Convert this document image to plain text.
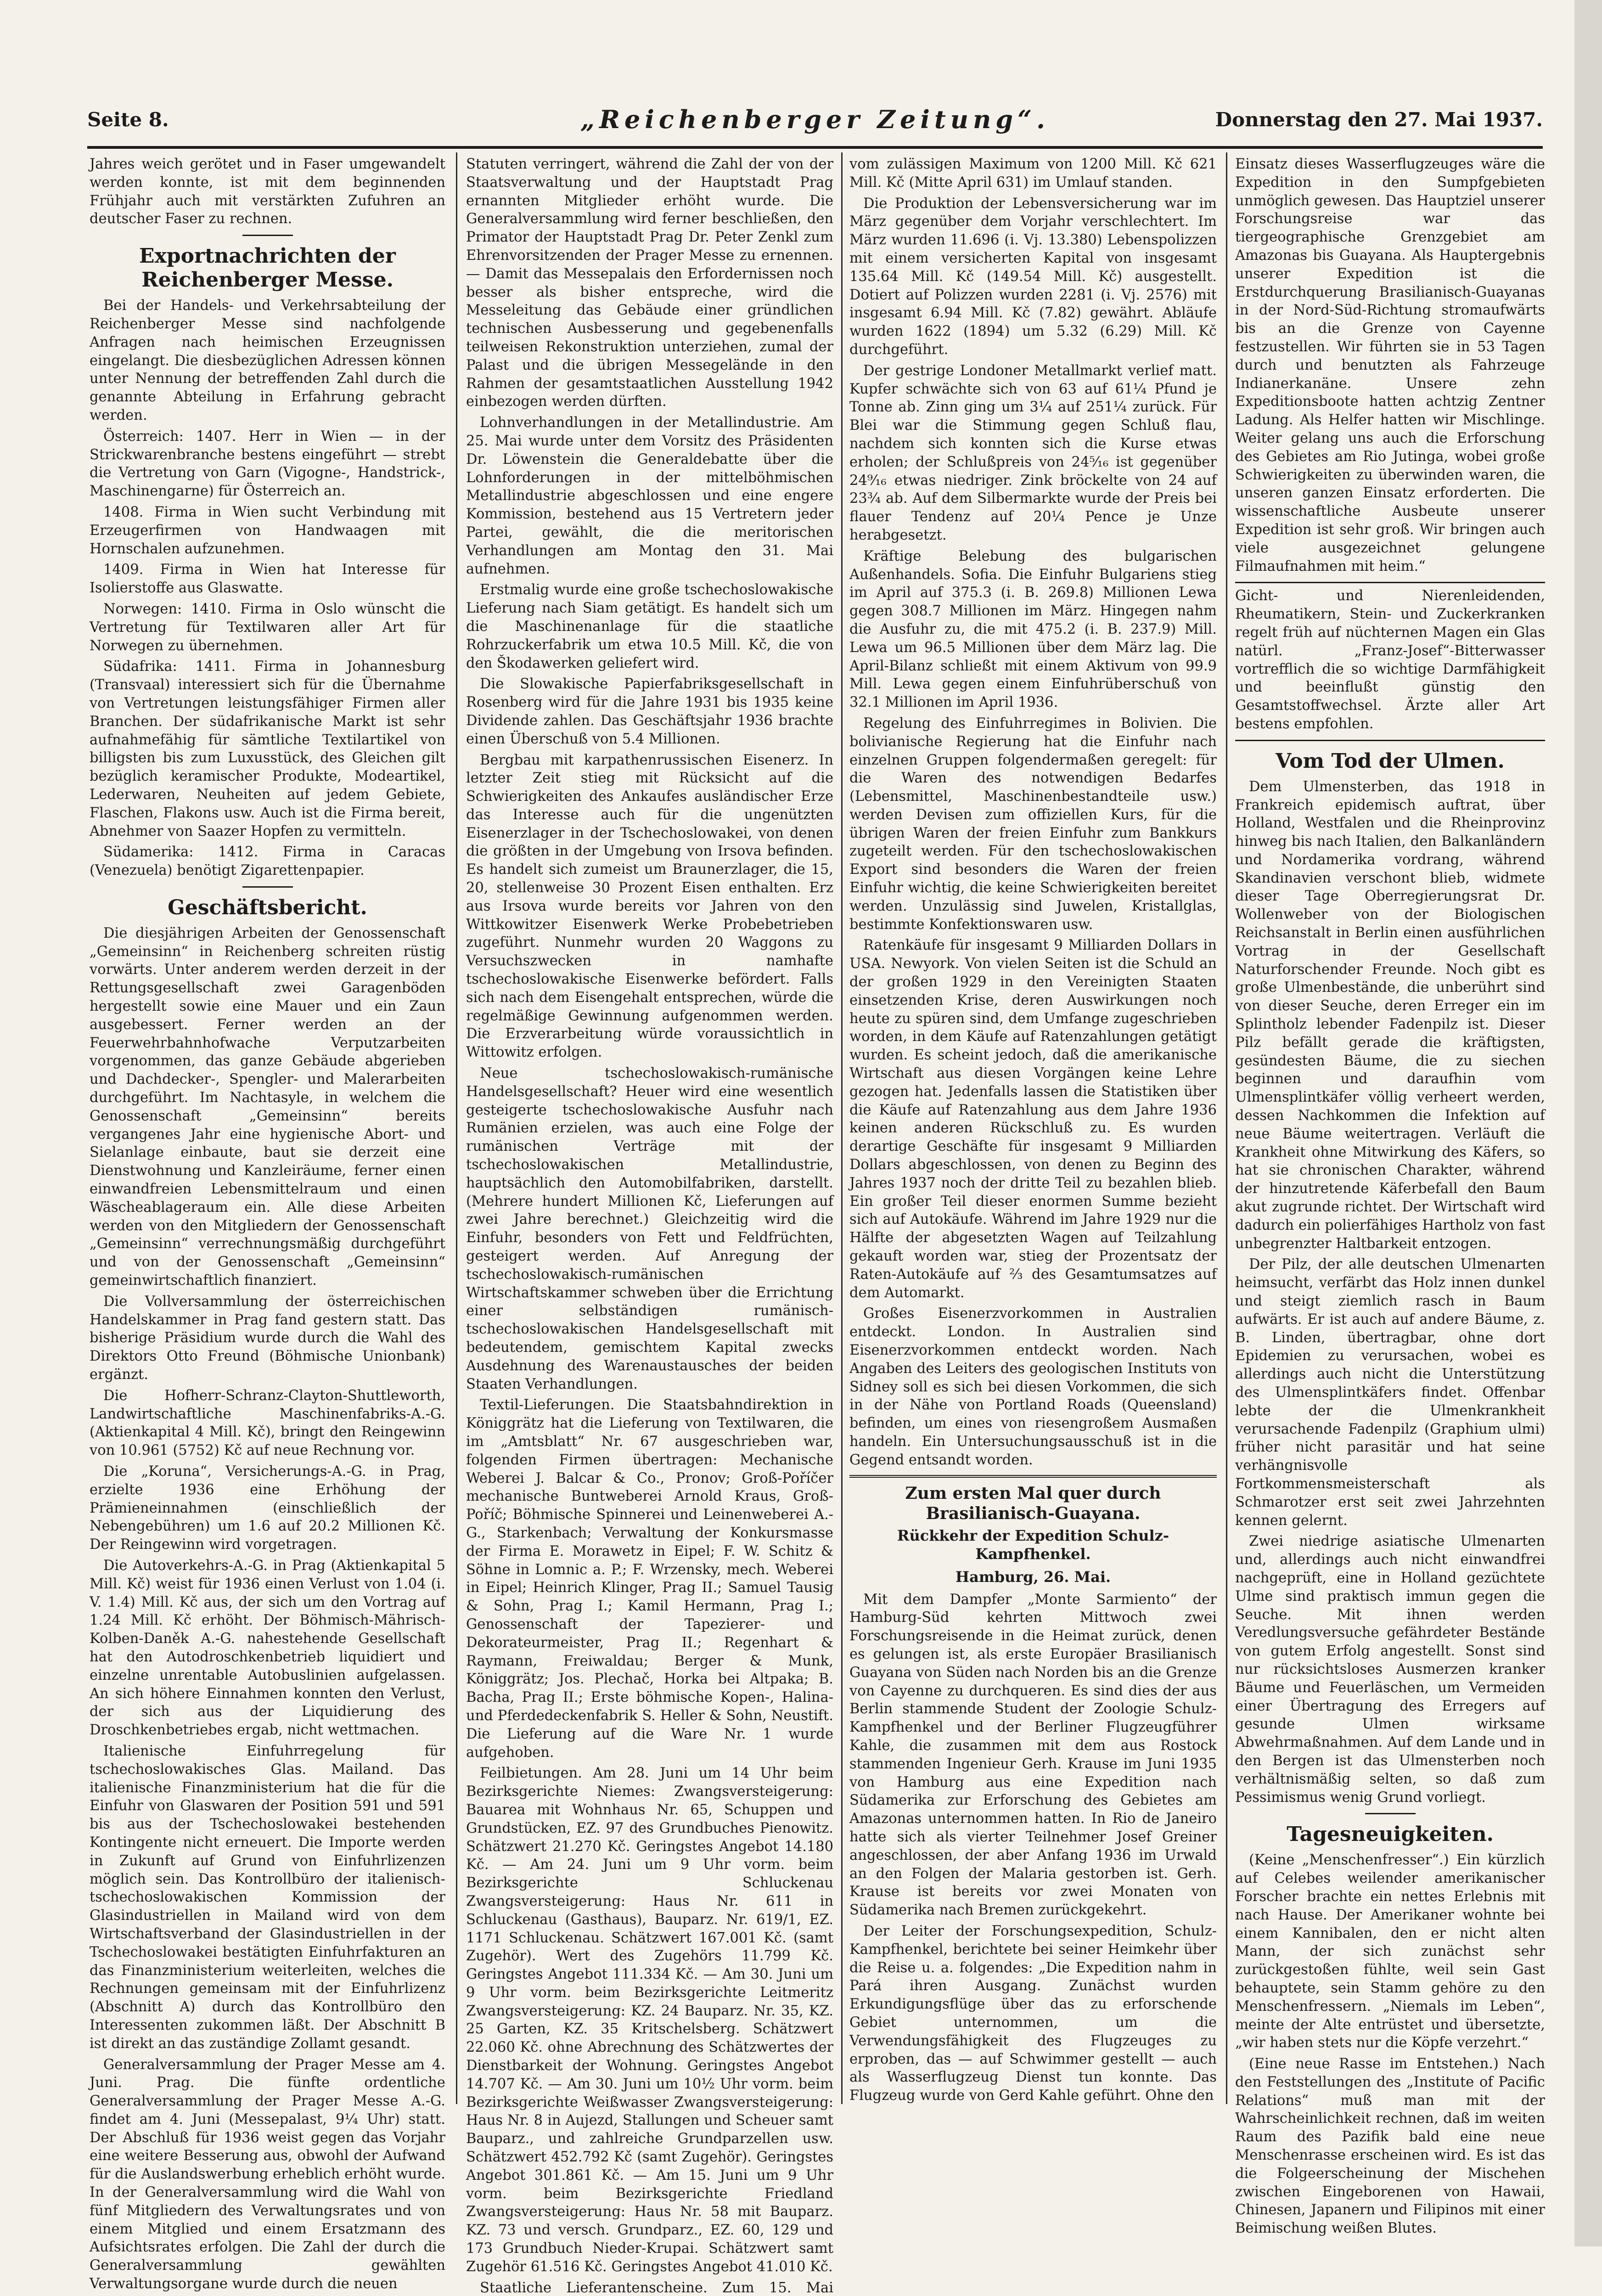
Seite 8.	„Reichenberger Zeitung“.	Donnerstag den 27. Mai 1937.

Jahres weich gerötet und in Faser umgewandelt werden konnte, ist mit dem beginnenden Frühjahr auch mit verstärkten Zufuhren an deutscher Faser zu rechnen.

Exportnachrichten der Reichenberger Messe.

Bei der Handels- und Verkehrsabteilung der Reichenberger Messe sind nachfolgende Anfragen nach heimischen Erzeugnissen eingelangt. Die diesbezüglichen Adressen können unter Nennung der betreffenden Zahl durch die genannte Abteilung in Erfahrung gebracht werden.

Österreich: 1407. Herr in Wien — in der Strickwarenbranche bestens eingeführt — strebt die Vertretung von Garn (Vigogne-, Handstrick-, Maschinengarne) für Österreich an.

1408. Firma in Wien sucht Verbindung mit Erzeugerfirmen von Handwaagen mit Hornschalen aufzunehmen.

1409. Firma in Wien hat Interesse für Isolierstoffe aus Glaswatte.

Norwegen: 1410. Firma in Oslo wünscht die Vertretung für Textilwaren aller Art für Norwegen zu übernehmen.

Südafrika: 1411. Firma in Johannesburg (Transvaal) interessiert sich für die Übernahme von Vertretungen leistungsfähiger Firmen aller Branchen. Der südafrikanische Markt ist sehr aufnahmefähig für sämtliche Textilartikel von billigsten bis zum Luxusstück, des Gleichen gilt bezüglich keramischer Produkte, Modeartikel, Lederwaren, Neuheiten auf jedem Gebiete, Flaschen, Flakons usw. Auch ist die Firma bereit, Abnehmer von Saazer Hopfen zu vermitteln.

Südamerika: 1412. Firma in Caracas (Venezuela) benötigt Zigarettenpapier.

Geschäftsbericht.

Die diesjährigen Arbeiten der Genossenschaft „Gemeinsinn“ in Reichenberg schreiten rüstig vorwärts. Unter anderem werden derzeit in der Rettungsgesellschaft zwei Garagenböden hergestellt sowie eine Mauer und ein Zaun ausgebessert. Ferner werden an der Feuerwehrbahnhofwache Verputzarbeiten vorgenommen, das ganze Gebäude abgerieben und Dachdecker-, Spengler- und Malerarbeiten durchgeführt. Im Nachtasyle, in welchem die Genossenschaft „Gemeinsinn“ bereits vergangenes Jahr eine hygienische Abort- und Sielanlage einbaute, baut sie derzeit eine Dienstwohnung und Kanzleiräume, ferner einen einwandfreien Lebensmittelraum und einen Wäscheablageraum ein. Alle diese Arbeiten werden von den Mitgliedern der Genossenschaft „Gemeinsinn“ verrechnungsmäßig durchgeführt und von der Genossenschaft „Gemeinsinn“ gemeinwirtschaftlich finanziert.

Die Vollversammlung der österreichischen Handelskammer in Prag fand gestern statt. Das bisherige Präsidium wurde durch die Wahl des Direktors Otto Freund (Böhmische Unionbank) ergänzt.

Die Hofherr-Schranz-Clayton-Shuttleworth, Landwirtschaftliche Maschinenfabriks-A.-G. (Aktienkapital 4 Mill. Kč), bringt den Reingewinn von 10.961 (5752) Kč auf neue Rechnung vor.

Die „Koruna“, Versicherungs-A.-G. in Prag, erzielte 1936 eine Erhöhung der Prämieneinnahmen (einschließlich der Nebengebühren) um 1.6 auf 20.2 Millionen Kč. Der Reingewinn wird vorgetragen.

Die Autoverkehrs-A.-G. in Prag (Aktienkapital 5 Mill. Kč) weist für 1936 einen Verlust von 1.04 (i. V. 1.4) Mill. Kč aus, der sich um den Vortrag auf 1.24 Mill. Kč erhöht. Der Böhmisch-Mährisch-Kolben-Daněk A.-G. nahestehende Gesellschaft hat den Autodroschkenbetrieb liquidiert und einzelne unrentable Autobuslinien aufgelassen. An sich höhere Einnahmen konnten den Verlust, der sich aus der Liquidierung des Droschkenbetriebes ergab, nicht wettmachen.

Italienische Einfuhrregelung für tschechoslowakisches Glas. Mailand. Das italienische Finanzministerium hat die für die Einfuhr von Glaswaren der Position 591 und 591 bis aus der Tschechoslowakei bestehenden Kontingente nicht erneuert. Die Importe werden in Zukunft auf Grund von Einfuhrlizenzen möglich sein. Das Kontrollbüro der italienisch-tschechoslowakischen Kommission der Glasindustriellen in Mailand wird von dem Wirtschaftsverband der Glasindustriellen in der Tschechoslowakei bestätigten Einfuhrfakturen an das Finanzministerium weiterleiten, welches die Rechnungen gemeinsam mit der Einfuhrlizenz (Abschnitt A) durch das Kontrollbüro den Interessenten zukommen läßt. Der Abschnitt B ist direkt an das zuständige Zollamt gesandt.

Generalversammlung der Prager Messe am 4. Juni. Prag. Die fünfte ordentliche Generalversammlung der Prager Messe A.-G. findet am 4. Juni (Messepalast, 9¼ Uhr) statt. Der Abschluß für 1936 weist gegen das Vorjahr eine weitere Besserung aus, obwohl der Aufwand für die Auslandswerbung erheblich erhöht wurde. In der Generalversammlung wird die Wahl von fünf Mitgliedern des Verwaltungsrates und von einem Mitglied und einem Ersatzmann des Aufsichtsrates erfolgen. Die Zahl der durch die Generalversammlung gewählten Verwaltungsorgane wurde durch die neuen

Statuten verringert, während die Zahl der von der Staatsverwaltung und der Hauptstadt Prag ernannten Mitglieder erhöht wurde. Die Generalversammlung wird ferner beschließen, den Primator der Hauptstadt Prag Dr. Peter Zenkl zum Ehrenvorsitzenden der Prager Messe zu ernennen. — Damit das Messepalais den Erfordernissen noch besser als bisher entspreche, wird die Messeleitung das Gebäude einer gründlichen technischen Ausbesserung und gegebenenfalls teilweisen Rekonstruktion unterziehen, zumal der Palast und die übrigen Messegelände in den Rahmen der gesamtstaatlichen Ausstellung 1942 einbezogen werden dürften.

Lohnverhandlungen in der Metallindustrie. Am 25. Mai wurde unter dem Vorsitz des Präsidenten Dr. Löwenstein die Generaldebatte über die Lohnforderungen in der mittelböhmischen Metallindustrie abgeschlossen und eine engere Kommission, bestehend aus 15 Vertretern jeder Partei, gewählt, die die meritorischen Verhandlungen am Montag den 31. Mai aufnehmen.

Erstmalig wurde eine große tschechoslowakische Lieferung nach Siam getätigt. Es handelt sich um die Maschinenanlage für die staatliche Rohrzuckerfabrik um etwa 10.5 Mill. Kč, die von den Škodawerken geliefert wird.

Die Slowakische Papierfabriksgesellschaft in Rosenberg wird für die Jahre 1931 bis 1935 keine Dividende zahlen. Das Geschäftsjahr 1936 brachte einen Überschuß von 5.4 Millionen.

Bergbau mit karpathenrussischen Eisenerz. In letzter Zeit stieg mit Rücksicht auf die Schwierigkeiten des Ankaufes ausländischer Erze das Interesse auch für die ungenützten Eisenerzlager in der Tschechoslowakei, von denen die größten in der Umgebung von Irsova befinden. Es handelt sich zumeist um Braunerzlager, die 15, 20, stellenweise 30 Prozent Eisen enthalten. Erz aus Irsova wurde bereits vor Jahren von den Wittkowitzer Eisenwerk Werke Probebetrieben zugeführt. Nunmehr wurden 20 Waggons zu Versuchszwecken in namhafte tschechoslowakische Eisenwerke befördert. Falls sich nach dem Eisengehalt entsprechen, würde die regelmäßige Gewinnung aufgenommen werden. Die Erzverarbeitung würde voraussichtlich in Wittowitz erfolgen.

Neue tschechoslowakisch-rumänische Handelsgesellschaft? Heuer wird eine wesentlich gesteigerte tschechoslowakische Ausfuhr nach Rumänien erzielen, was auch eine Folge der rumänischen Verträge mit der tschechoslowakischen Metallindustrie, hauptsächlich den Automobilfabriken, darstellt. (Mehrere hundert Millionen Kč, Lieferungen auf zwei Jahre berechnet.) Gleichzeitig wird die Einfuhr, besonders von Fett und Feldfrüchten, gesteigert werden. Auf Anregung der tschechoslowakisch-rumänischen Wirtschaftskammer schweben über die Errichtung einer selbständigen rumänisch-tschechoslowakischen Handelsgesellschaft mit bedeutendem, gemischtem Kapital zwecks Ausdehnung des Warenaustausches der beiden Staaten Verhandlungen.

Textil-Lieferungen. Die Staatsbahndirektion in Königgrätz hat die Lieferung von Textilwaren, die im „Amtsblatt“ Nr. 67 ausgeschrieben war, folgenden Firmen übertragen: Mechanische Weberei J. Balcar & Co., Pronov; Groß-Poříčer mechanische Buntweberei Arnold Kraus, Groß-Poříč; Böhmische Spinnerei und Leinenweberei A.-G., Starkenbach; Verwaltung der Konkursmasse der Firma E. Morawetz in Eipel; F. W. Schitz & Söhne in Lomnic a. P.; F. Wrzensky, mech. Weberei in Eipel; Heinrich Klinger, Prag II.; Samuel Tausig & Sohn, Prag I.; Kamil Hermann, Prag I.; Genossenschaft der Tapezierer- und Dekorateurmeister, Prag II.; Regenhart & Raymann, Freiwaldau; Berger & Munk, Königgrätz; Jos. Plechač, Horka bei Altpaka; B. Bacha, Prag II.; Erste böhmische Kopen-, Halina- und Pferdedeckenfabrik S. Heller & Sohn, Neustift. Die Lieferung auf die Ware Nr. 1 wurde aufgehoben.

Feilbietungen. Am 28. Juni um 14 Uhr beim Bezirksgerichte Niemes: Zwangsversteigerung: Bauarea mit Wohnhaus Nr. 65, Schuppen und Grundstücken, EZ. 97 des Grundbuches Pienowitz. Schätzwert 21.270 Kč. Geringstes Angebot 14.180 Kč. — Am 24. Juni um 9 Uhr vorm. beim Bezirksgerichte Schluckenau Zwangsversteigerung: Haus Nr. 611 in Schluckenau (Gasthaus), Bauparz. Nr. 619/1, EZ. 1171 Schluckenau. Schätzwert 167.001 Kč. (samt Zugehör). Wert des Zugehörs 11.799 Kč. Geringstes Angebot 111.334 Kč. — Am 30. Juni um 9 Uhr vorm. beim Bezirksgerichte Leitmeritz Zwangsversteigerung: KZ. 24 Bauparz. Nr. 35, KZ. 25 Garten, KZ. 35 Kritschelsberg. Schätzwert 22.060 Kč. ohne Abrechnung des Schätzwertes der Dienstbarkeit der Wohnung. Geringstes Angebot 14.707 Kč. — Am 30. Juni um 10½ Uhr vorm. beim Bezirksgerichte Weißwasser Zwangsversteigerung: Haus Nr. 8 in Aujezd, Stallungen und Scheuer samt Bauparz., und zahlreiche Grundparzellen usw. Schätzwert 452.792 Kč (samt Zugehör). Geringstes Angebot 301.861 Kč. — Am 15. Juni um 9 Uhr vorm. beim Bezirksgerichte Friedland Zwangsversteigerung: Haus Nr. 58 mit Bauparz. KZ. 73 und versch. Grundparz., EZ. 60, 129 und 173 Grundbuch Nieder-Krupai. Schätzwert samt Zugehör 61.516 Kč. Geringstes Angebot 41.010 Kč.

Staatliche Lieferantenscheine. Zum 15. Mai

vom zulässigen Maximum von 1200 Mill. Kč 621 Mill. Kč (Mitte April 631) im Umlauf standen.

Die Produktion der Lebensversicherung war im März gegenüber dem Vorjahr verschlechtert. Im März wurden 11.696 (i. Vj. 13.380) Lebenspolizzen mit einem versicherten Kapital von insgesamt 135.64 Mill. Kč (149.54 Mill. Kč) ausgestellt. Dotiert auf Polizzen wurden 2281 (i. Vj. 2576) mit insgesamt 6.94 Mill. Kč (7.82) gewährt. Abläufe wurden 1622 (1894) um 5.32 (6.29) Mill. Kč durchgeführt.

Der gestrige Londoner Metallmarkt verlief matt. Kupfer schwächte sich von 63 auf 61¼ Pfund je Tonne ab. Zinn ging um 3¼ auf 251¼ zurück. Für Blei war die Stimmung gegen Schluß flau, nachdem sich konnten sich die Kurse etwas erholen; der Schlußpreis von 24⁵⁄₁₆ ist gegenüber 24⁹⁄₁₆ etwas niedriger. Zink bröckelte von 24 auf 23¾ ab. Auf dem Silbermarkte wurde der Preis bei flauer Tendenz auf 20¼ Pence je Unze herabgesetzt.

Kräftige Belebung des bulgarischen Außenhandels. Sofia. Die Einfuhr Bulgariens stieg im April auf 375.3 (i. B. 269.8) Millionen Lewa gegen 308.7 Millionen im März. Hingegen nahm die Ausfuhr zu, die mit 475.2 (i. B. 237.9) Mill. Lewa um 96.5 Millionen über dem März lag. Die April-Bilanz schließt mit einem Aktivum von 99.9 Mill. Lewa gegen einem Einfuhrüberschuß von 32.1 Millionen im April 1936.

Regelung des Einfuhrregimes in Bolivien. Die bolivianische Regierung hat die Einfuhr nach einzelnen Gruppen folgendermaßen geregelt: für die Waren des notwendigen Bedarfes (Lebensmittel, Maschinenbestandteile usw.) werden Devisen zum offiziellen Kurs, für die übrigen Waren der freien Einfuhr zum Bankkurs zugeteilt werden. Für den tschechoslowakischen Export sind besonders die Waren der freien Einfuhr wichtig, die keine Schwierigkeiten bereitet werden. Unzulässig sind Juwelen, Kristallglas, bestimmte Konfektionswaren usw.

Ratenkäufe für insgesamt 9 Milliarden Dollars in USA. Newyork. Von vielen Seiten ist die Schuld an der großen 1929 in den Vereinigten Staaten einsetzenden Krise, deren Auswirkungen noch heute zu spüren sind, dem Umfange zugeschrieben worden, in dem Käufe auf Ratenzahlungen getätigt wurden. Es scheint jedoch, daß die amerikanische Wirtschaft aus diesen Vorgängen keine Lehre gezogen hat. Jedenfalls lassen die Statistiken über die Käufe auf Ratenzahlung aus dem Jahre 1936 keinen anderen Rückschluß zu. Es wurden derartige Geschäfte für insgesamt 9 Milliarden Dollars abgeschlossen, von denen zu Beginn des Jahres 1937 noch der dritte Teil zu bezahlen blieb. Ein großer Teil dieser enormen Summe bezieht sich auf Autokäufe. Während im Jahre 1929 nur die Hälfte der abgesetzten Wagen auf Teilzahlung gekauft worden war, stieg der Prozentsatz der Raten-Autokäufe auf ⅔ des Gesamtumsatzes auf dem Automarkt.

Großes Eisenerzvorkommen in Australien entdeckt. London. In Australien sind Eisenerzvorkommen entdeckt worden. Nach Angaben des Leiters des geologischen Instituts von Sidney soll es sich bei diesen Vorkommen, die sich in der Nähe von Portland Roads (Queensland) befinden, um eines von riesengroßem Ausmaßen handeln. Ein Untersuchungsausschuß ist in die Gegend entsandt worden.

Zum ersten Mal quer durch Brasilianisch-Guayana.
Rückkehr der Expedition Schulz-Kampfhenkel.
Hamburg, 26. Mai.

Mit dem Dampfer „Monte Sarmiento“ der Hamburg-Süd kehrten Mittwoch zwei Forschungsreisende in die Heimat zurück, denen es gelungen ist, als erste Europäer Brasilianisch Guayana von Süden nach Norden bis an die Grenze von Cayenne zu durchqueren. Es sind dies der aus Berlin stammende Student der Zoologie Schulz-Kampfhenkel und der Berliner Flugzeugführer Kahle, die zusammen mit dem aus Rostock stammenden Ingenieur Gerh. Krause im Juni 1935 von Hamburg aus eine Expedition nach Südamerika zur Erforschung des Gebietes am Amazonas unternommen hatten. In Rio de Janeiro hatte sich als vierter Teilnehmer Josef Greiner angeschlossen, der aber Anfang 1936 im Urwald an den Folgen der Malaria gestorben ist. Gerh. Krause ist bereits vor zwei Monaten von Südamerika nach Bremen zurückgekehrt.

Der Leiter der Forschungsexpedition, Schulz-Kampfhenkel, berichtete bei seiner Heimkehr über die Reise u. a. folgendes: „Die Expedition nahm in Pará ihren Ausgang. Zunächst wurden Erkundigungsflüge über das zu erforschende Gebiet unternommen, um die Verwendungsfähigkeit des Flugzeuges zu erproben, das — auf Schwimmer gestellt — auch als Wasserflugzeug Dienst tun konnte. Das Flugzeug wurde von Gerd Kahle geführt. Ohne den

Einsatz dieses Wasserflugzeuges wäre die Expedition in den Sumpfgebieten unmöglich gewesen. Das Hauptziel unserer Forschungsreise war das tiergeographische Grenzgebiet am Amazonas bis Guayana. Als Hauptergebnis unserer Expedition ist die Erstdurchquerung Brasilianisch-Guayanas in der Nord-Süd-Richtung stromaufwärts bis an die Grenze von Cayenne festzustellen. Wir führten sie in 53 Tagen durch und benutzten als Fahrzeuge Indianerkanäne. Unsere zehn Expeditionsboote hatten achtzig Zentner Ladung. Als Helfer hatten wir Mischlinge. Weiter gelang uns auch die Erforschung des Gebietes am Rio Jutinga, wobei große Schwierigkeiten zu überwinden waren, die unseren ganzen Einsatz erforderten. Die wissenschaftliche Ausbeute unserer Expedition ist sehr groß. Wir bringen auch viele ausgezeichnet gelungene Filmaufnahmen mit heim.“

Gicht- und Nierenleidenden, Rheumatikern, Stein- und Zuckerkranken regelt früh auf nüchternen Magen ein Glas natürl. „Franz-Josef“-Bitterwasser vortrefflich die so wichtige Darmfähigkeit und beeinflußt günstig den Gesamtstoffwechsel. Ärzte aller Art bestens empfohlen.

Vom Tod der Ulmen.

Dem Ulmensterben, das 1918 in Frankreich epidemisch auftrat, über Holland, Westfalen und die Rheinprovinz hinweg bis nach Italien, den Balkanländern und Nordamerika vordrang, während Skandinavien verschont blieb, widmete dieser Tage Oberregierungsrat Dr. Wollenweber von der Biologischen Reichsanstalt in Berlin einen ausführlichen Vortrag in der Gesellschaft Naturforschender Freunde. Noch gibt es große Ulmenbestände, die unberührt sind von dieser Seuche, deren Erreger ein im Splintholz lebender Fadenpilz ist. Dieser Pilz befällt gerade die kräftigsten, gesündesten Bäume, die zu siechen beginnen und daraufhin vom Ulmensplintkäfer völlig verheert werden, dessen Nachkommen die Infektion auf neue Bäume weitertragen. Verläuft die Krankheit ohne Mitwirkung des Käfers, so hat sie chronischen Charakter, während der hinzutretende Käferbefall den Baum akut zugrunde richtet. Der Wirtschaft wird dadurch ein polierfähiges Hartholz von fast unbegrenzter Haltbarkeit entzogen.

Der Pilz, der alle deutschen Ulmenarten heimsucht, verfärbt das Holz innen dunkel und steigt ziemlich rasch in Baum aufwärts. Er ist auch auf andere Bäume, z. B. Linden, übertragbar, ohne dort Epidemien zu verursachen, wobei es allerdings auch nicht die Unterstützung des Ulmensplintkäfers findet. Offenbar lebte der die Ulmenkrankheit verursachende Fadenpilz (Graphium ulmi) früher nicht parasitär und hat seine verhängnisvolle Fortkommensmeisterschaft als Schmarotzer erst seit zwei Jahrzehnten kennen gelernt.

Zwei niedrige asiatische Ulmenarten und, allerdings auch nicht einwandfrei nachgeprüft, eine in Holland gezüchtete Ulme sind praktisch immun gegen die Seuche. Mit ihnen werden Veredlungsversuche gefährdeter Bestände von gutem Erfolg angestellt. Sonst sind nur rücksichtsloses Ausmerzen kranker Bäume und Feuerläschen, um Vermeiden einer Übertragung des Erregers auf gesunde Ulmen wirksame Abwehrmaßnahmen. Auf dem Lande und in den Bergen ist das Ulmensterben noch verhältnismäßig selten, so daß zum Pessimismus wenig Grund vorliegt.

Tagesneuigkeiten.

(Keine „Menschenfresser“.) Ein kürzlich auf Celebes weilender amerikanischer Forscher brachte ein nettes Erlebnis mit nach Hause. Der Amerikaner wohnte bei einem Kannibalen, den er nicht alten Mann, der sich zunächst sehr zurückgestoßen fühlte, weil sein Gast behauptete, sein Stamm gehöre zu den Menschenfressern. „Niemals im Leben“, meinte der Alte entrüstet und übersetzte, „wir haben stets nur die Köpfe verzehrt.“

(Eine neue Rasse im Entstehen.) Nach den Feststellungen des „Institute of Pacific Relations“ muß man mit der Wahrscheinlichkeit rechnen, daß im weiten Raum des Pazifik bald eine neue Menschenrasse erscheinen wird. Es ist das die Folgeerscheinung der Mischehen zwischen Eingeborenen von Hawaii, Chinesen, Japanern und Filipinos mit einer Beimischung weißen Blutes.
